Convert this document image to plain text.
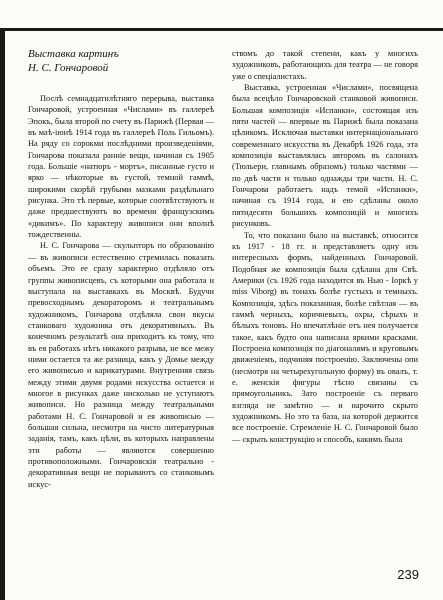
Выставка картинъ
Н. С. Гончаровой

Послѣ семнадцатилѣтняго перерыва, выставка Гончаровой, устроенная «Числами» въ галлереѣ Эпокъ, была второй по счету въ Парижѣ (Первая — въ маѣ-іюнѣ 1914 года въ галлереѣ Поль Гильомъ). На ряду со сорокми послѣдними произведеніями, Гончарова показала ранніе вещи, начиная съ 1905 года. Большіе «натюръ - мортъ», писанные густо и ярко — нѣкоторые въ густой, темной гаммѣ, широкими скорѣй грубыми мазками раздѣльнаго рисунка. Это тѣ первые, которые соотвѣтствуютъ и даже предшествуютъ во времени французскимъ «дикимъ». По характеру живописи они вполнѣ тождественны.

Н. С. Гончарова — скульпторъ по образованію — въ живописи естественно стремилась показать объемъ. Это ее сразу характерно отдѣляло отъ группы живописцевъ, съ которыми она работала и выступала на выставкахъ въ Москвѣ. Будучи превосходнымъ декораторомъ и театральнымъ художникомъ, Гончарова отдѣляла свои вкусы станковаго художника отъ декоративныхъ. Въ конечномъ результатѣ она приходитъ къ тому, что въ ея работахъ нѣтъ никакого разрыва, не все межу ними остается та же разница, какъ у Домье между его живописью и карикатурами. Внутренняя связь между этими двумя родами искусства остается и многое в рисунках даже нисколько не уступаютъ живописи. Но разница между театральными работами Н. С. Гончаровой и ея живописью — большая сильна, несмотря на чисто литературныя заданія, тамъ, какъ цѣли, въ которыхъ направлены эти работы — являются совершенно противоположными. Гончаровскія театрально - декоративныя вещи не порываютъ со станковымъ искус-

ствомъ до такой степени, какъ у многихъ художниковъ, работающихъ для театра — не говоря уже о спеціалистахъ.

Выставка, устроенная «Числами», посвящена была всецѣло Гончаровской станковой живописи. Большая композиція «Испанки», состоящая изъ пяти частей — впервые въ Парижѣ была показана цѣликомъ. Исключая выставки интернаціональнаго современнаго искусства въ Декабрѣ 1926 года, эта композиція выставлялась авторомъ въ салонахъ (Тюльери, главнымъ образомъ) только частями — по двѣ части и только однажды три части. Н. С. Гончарова работаетъ надъ темой «Испанки», начиная съ 1914 года, и ею сдѣланы около пятидесяти большихъ композицій и многихъ рисунковъ.

То, что показано было на выставкѣ, относится къ 1917 - 18 гг. и представляетъ одну изъ интересныхъ формъ, найденныхъ Гончаровой. Подобная же композиція была сдѣлана для Свѣ. Америки (съ 1926 года находится въ Нью - Іоркѣ у miss Viborg) въ тонахъ болѣе густыхъ и темныхъ. Композиція, здѣсь показанная, болѣе свѣтлая — въ гаммѣ черныхъ, коричневыхъ, охры, сѣрыхъ и бѣлыхъ тоновъ. Но впечатлѣніе отъ нея получается такое, какъ будто она написана яркими красками. Построена композиція по діагоналямъ и круговымъ движеніемъ, подчиняя построенію. Заключены опи (несмотря на четырехугольную форму) въ овалъ, т. е. женскія фигуры тѣсно связаны съ прямоугольникъ. Зато построеніе съ перваго взгляда не замѣтно — и нарочито скрыто художникомъ. Но это та база, на которой держится все построеніе. Стремленіе Н. С. Гончаровой было — скрыть конструкцію и способъ, какимъ была

239
